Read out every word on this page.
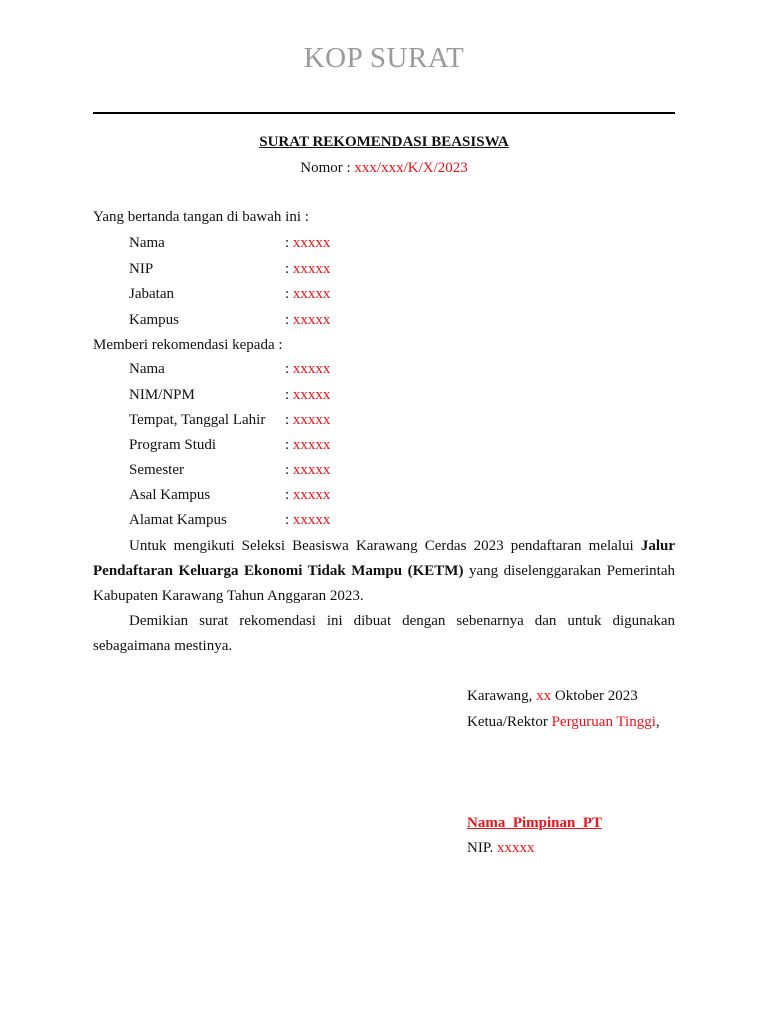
KOP SURAT
SURAT REKOMENDASI BEASISWA
Nomor : xxx/xxx/K/X/2023
Yang bertanda tangan di bawah ini :
Nama	: xxxxx
NIP	: xxxxx
Jabatan	: xxxxx
Kampus	: xxxxx
Memberi rekomendasi kepada :
Nama	: xxxxx
NIM/NPM	: xxxxx
Tempat, Tanggal Lahir : xxxxx
Program Studi	: xxxxx
Semester	: xxxxx
Asal Kampus	: xxxxx
Alamat Kampus	: xxxxx

Untuk mengikuti Seleksi Beasiswa Karawang Cerdas 2023 pendaftaran melalui Jalur Pendaftaran Keluarga Ekonomi Tidak Mampu (KETM) yang diselenggarakan Pemerintah Kabupaten Karawang Tahun Anggaran 2023.

Demikian surat rekomendasi ini dibuat dengan sebenarnya dan untuk digunakan sebagaimana mestinya.

Karawang, xx Oktober 2023
Ketua/Rektor Perguruan Tinggi,
Nama  Pimpinan  PT
NIP. xxxxx
